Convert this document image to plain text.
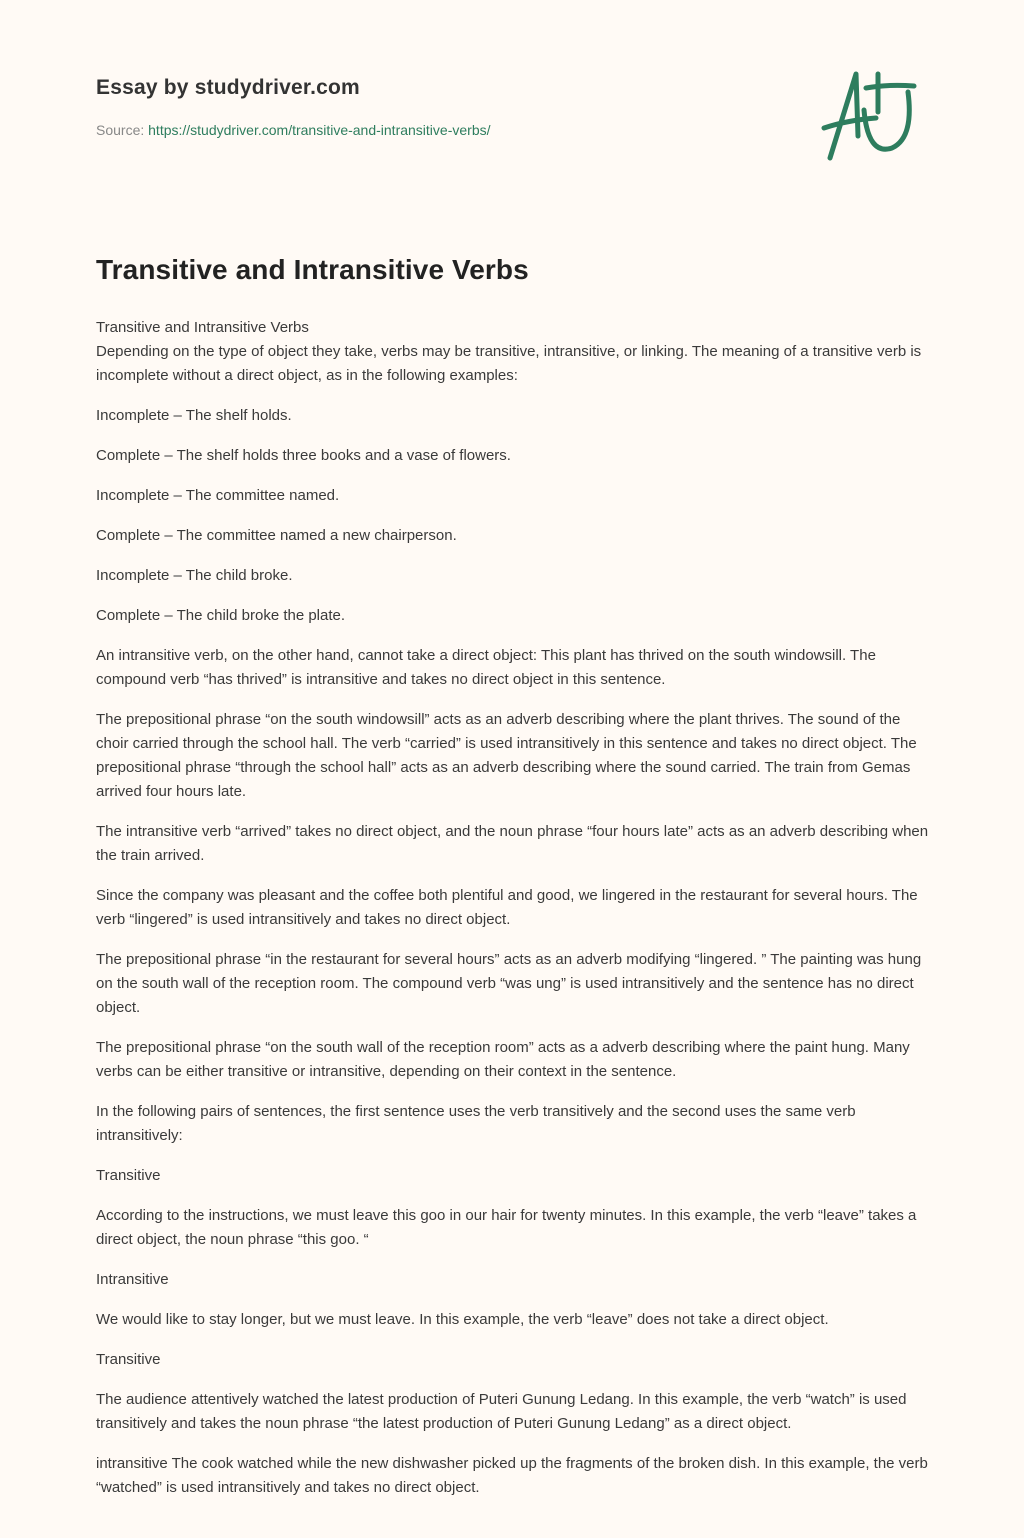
Essay by studydriver.com
Source: https://studydriver.com/transitive-and-intransitive-verbs/
Transitive and Intransitive Verbs

Transitive and Intransitive Verbs

Depending on the type of object they take, verbs may be transitive, intransitive, or linking. The meaning of a transitive verb is incomplete without a direct object, as in the following examples:

Incomplete – The shelf holds.

Complete – The shelf holds three books and a vase of flowers.

Incomplete – The committee named.

Complete – The committee named a new chairperson.

Incomplete – The child broke.

Complete – The child broke the plate.

An intransitive verb, on the other hand, cannot take a direct object: This plant has thrived on the south windowsill. The compound verb “has thrived” is intransitive and takes no direct object in this sentence.

The prepositional phrase “on the south windowsill” acts as an adverb describing where the plant thrives. The sound of the choir carried through the school hall. The verb “carried” is used intransitively in this sentence and takes no direct object. The prepositional phrase “through the school hall” acts as an adverb describing where the sound carried. The train from Gemas arrived four hours late.

The intransitive verb “arrived” takes no direct object, and the noun phrase “four hours late” acts as an adverb describing when the train arrived.

Since the company was pleasant and the coffee both plentiful and good, we lingered in the restaurant for several hours. The verb “lingered” is used intransitively and takes no direct object.

The prepositional phrase “in the restaurant for several hours” acts as an adverb modifying “lingered. ” The painting was hung on the south wall of the reception room. The compound verb “was ung” is used intransitively and the sentence has no direct object.

The prepositional phrase “on the south wall of the reception room” acts as a adverb describing where the paint hung. Many verbs can be either transitive or intransitive, depending on their context in the sentence.

In the following pairs of sentences, the first sentence uses the verb transitively and the second uses the same verb intransitively:

Transitive

According to the instructions, we must leave this goo in our hair for twenty minutes. In this example, the verb “leave” takes a direct object, the noun phrase “this goo. “

Intransitive

We would like to stay longer, but we must leave. In this example, the verb “leave” does not take a direct object.

Transitive

The audience attentively watched the latest production of Puteri Gunung Ledang. In this example, the verb “watch” is used transitively and takes the noun phrase “the latest production of Puteri Gunung Ledang” as a direct object.

intransitive The cook watched while the new dishwasher picked up the fragments of the broken dish. In this example, the verb “watched” is used intransitively and takes no direct object.
